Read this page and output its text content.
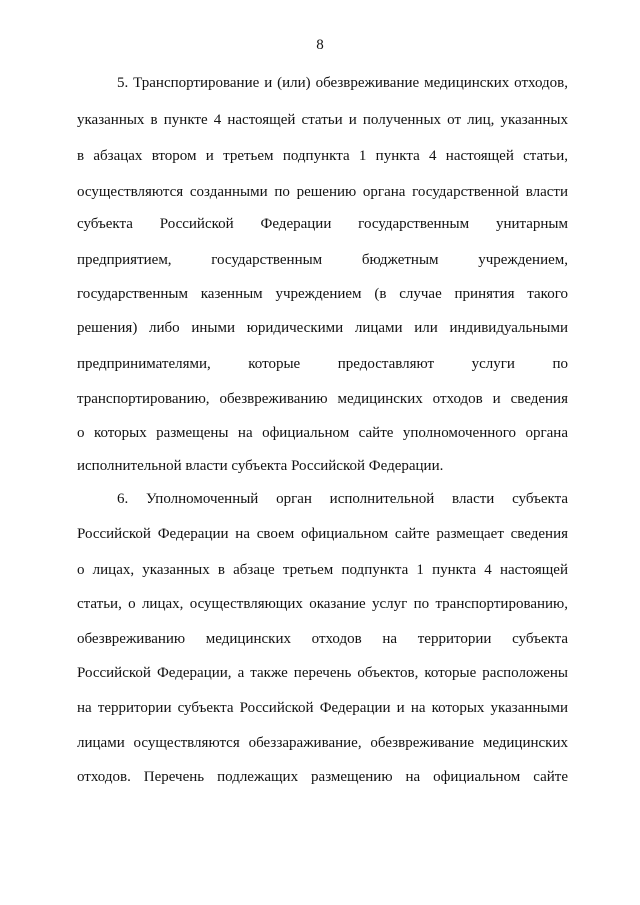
8
5. Транспортирование и (или) обезвреживание медицинских отходов,
указанных в пункте 4 настоящей статьи и полученных от лиц, указанных
в абзацах втором и третьем подпункта 1 пункта 4 настоящей статьи,
осуществляются созданными по решению органа государственной власти
субъекта Российской Федерации государственным унитарным
предприятием, государственным бюджетным учреждением,
государственным казенным учреждением (в случае принятия такого
решения) либо иными юридическими лицами или индивидуальными
предпринимателями, которые предоставляют услуги по
транспортированию, обезвреживанию медицинских отходов и сведения
о которых размещены на официальном сайте уполномоченного органа
исполнительной власти субъекта Российской Федерации.
6. Уполномоченный орган исполнительной власти субъекта
Российской Федерации на своем официальном сайте размещает сведения
о лицах, указанных в абзаце третьем подпункта 1 пункта 4 настоящей
статьи, о лицах, осуществляющих оказание услуг по транспортированию,
обезвреживанию медицинских отходов на территории субъекта
Российской Федерации, а также перечень объектов, которые расположены
на территории субъекта Российской Федерации и на которых указанными
лицами осуществляются обеззараживание, обезвреживание медицинских
отходов. Перечень подлежащих размещению на официальном сайте
